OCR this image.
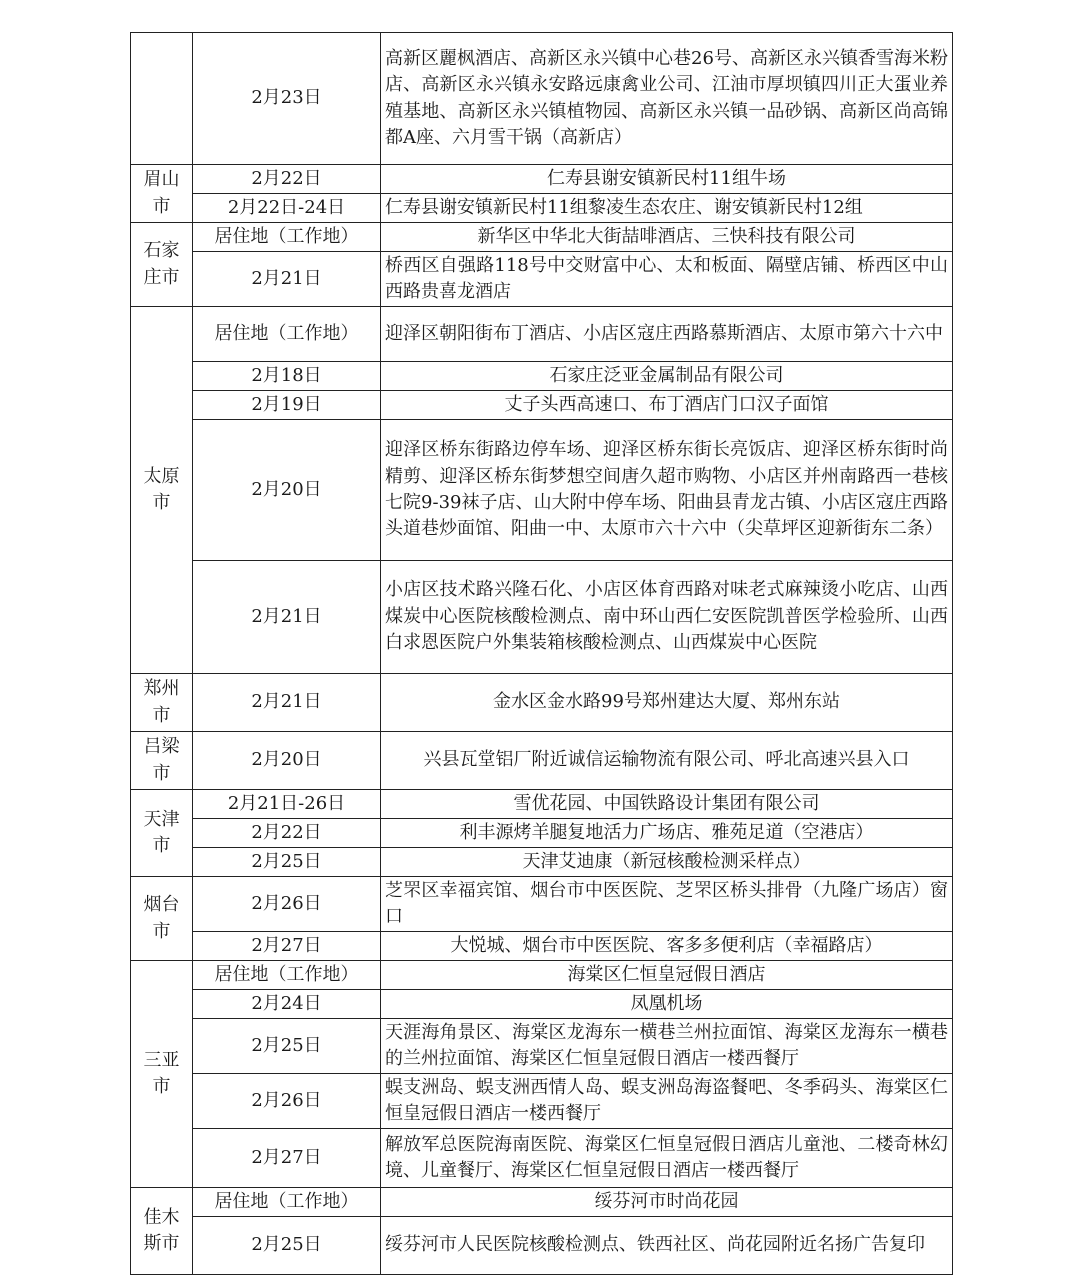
	2月23日	高新区麗枫酒店、高新区永兴镇中心巷26号、高新区永兴镇香雪海米粉店、高新区永兴镇永安路远康禽业公司、江油市厚坝镇四川正大蛋业养殖基地、高新区永兴镇植物园、高新区永兴镇一品砂锅、高新区尚高锦都A座、六月雪干锅（高新店）
眉山市	2月22日	仁寿县谢安镇新民村11组牛场
	2月22日-24日	仁寿县谢安镇新民村11组黎凌生态农庄、谢安镇新民村12组
石家庄市	居住地（工作地）	新华区中华北大街喆啡酒店、三快科技有限公司
	2月21日	桥西区自强路118号中交财富中心、太和板面、隔壁店铺、桥西区中山西路贵喜龙酒店
太原市	居住地（工作地）	迎泽区朝阳街布丁酒店、小店区寇庄西路慕斯酒店、太原市第六十六中
	2月18日	石家庄泛亚金属制品有限公司
	2月19日	丈子头西高速口、布丁酒店门口汉子面馆
	2月20日	迎泽区桥东街路边停车场、迎泽区桥东街长亮饭店、迎泽区桥东街时尚精剪、迎泽区桥东街梦想空间唐久超市购物、小店区并州南路西一巷核七院9-39袜子店、山大附中停车场、阳曲县青龙古镇、小店区寇庄西路头道巷炒面馆、阳曲一中、太原市六十六中（尖草坪区迎新街东二条）
	2月21日	小店区技术路兴隆石化、小店区体育西路对味老式麻辣烫小吃店、山西煤炭中心医院核酸检测点、南中环山西仁安医院凯普医学检验所、山西白求恩医院户外集装箱核酸检测点、山西煤炭中心医院
郑州市	2月21日	金水区金水路99号郑州建达大厦、郑州东站
吕梁市	2月20日	兴县瓦堂铝厂附近诚信运输物流有限公司、呼北高速兴县入口
天津市	2月21日-26日	雪优花园、中国铁路设计集团有限公司
	2月22日	利丰源烤羊腿复地活力广场店、雅苑足道（空港店）
	2月25日	天津艾迪康（新冠核酸检测采样点）
烟台市	2月26日	芝罘区幸福宾馆、烟台市中医医院、芝罘区桥头排骨（九隆广场店）窗口
	2月27日	大悦城、烟台市中医医院、客多多便利店（幸福路店）
三亚市	居住地（工作地）	海棠区仁恒皇冠假日酒店
	2月24日	凤凰机场
	2月25日	天涯海角景区、海棠区龙海东一横巷兰州拉面馆、海棠区龙海东一横巷的兰州拉面馆、海棠区仁恒皇冠假日酒店一楼西餐厅
	2月26日	蜈支洲岛、蜈支洲西情人岛、蜈支洲岛海盗餐吧、冬季码头、海棠区仁恒皇冠假日酒店一楼西餐厅
	2月27日	解放军总医院海南医院、海棠区仁恒皇冠假日酒店儿童池、二楼奇林幻境、儿童餐厅、海棠区仁恒皇冠假日酒店一楼西餐厅
佳木斯市	居住地（工作地）	绥芬河市时尚花园
	2月25日	绥芬河市人民医院核酸检测点、铁西社区、尚花园附近名扬广告复印
